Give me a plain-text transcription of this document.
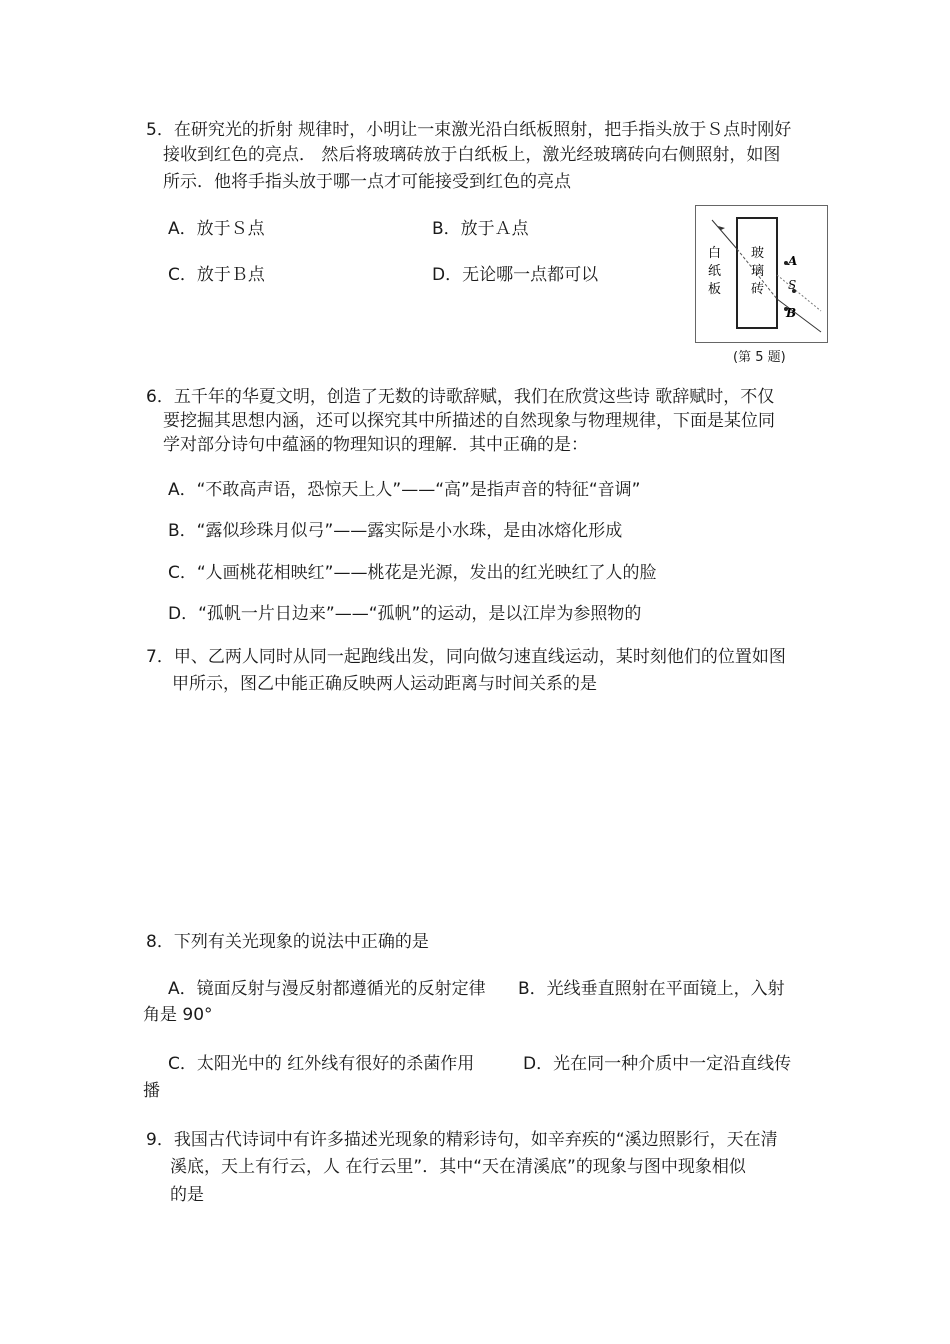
5．在研究光的折射 规律时，小明让一束激光沿白纸板照射，把手指头放于Ｓ点时刚好
接收到红色的亮点． 然后将玻璃砖放于白纸板上，激光经玻璃砖向右侧照射，如图
所示．他将手指头放于哪一点才可能接受到红色的亮点
A．放于Ｓ点	B．放于Ａ点
C．放于Ｂ点	D．无论哪一点都可以
白
纸
板
玻
璃
砖
A
S
B
(第 5 题)
6．五千年的华夏文明，创造了无数的诗歌辞赋，我们在欣赏这些诗 歌辞赋时，不仅
要挖掘其思想内涵，还可以探究其中所描述的自然现象与物理规律，下面是某位同
学对部分诗句中蕴涵的物理知识的理解．其中正确的是：
A．“不敢高声语，恐惊天上人”——“高”是指声音的特征“音调”
B．“露似珍珠月似弓”——露实际是小水珠，是由冰熔化形成
C．“人画桃花相映红”——桃花是光源，发出的红光映红了人的脸
D．“孤帆一片日边来”——“孤帆”的运动，是以江岸为参照物的
7．甲、乙两人同时从同一起跑线出发，同向做匀速直线运动，某时刻他们的位置如图
甲所示，图乙中能正确反映两人运动距离与时间关系的是
8．下列有关光现象的说法中正确的是
A．镜面反射与漫反射都遵循光的反射定律 B．光线垂直照射在平面镜上，入射
角是 90°
C．太阳光中的 红外线有很好的杀菌作用	D．光在同一种介质中一定沿直线传
播
9．我国古代诗词中有许多描述光现象的精彩诗句，如辛弃疾的“溪边照影行，天在清
溪底，天上有行云，人 在行云里”．其中“天在清溪底”的现象与图中现象相似
的是
